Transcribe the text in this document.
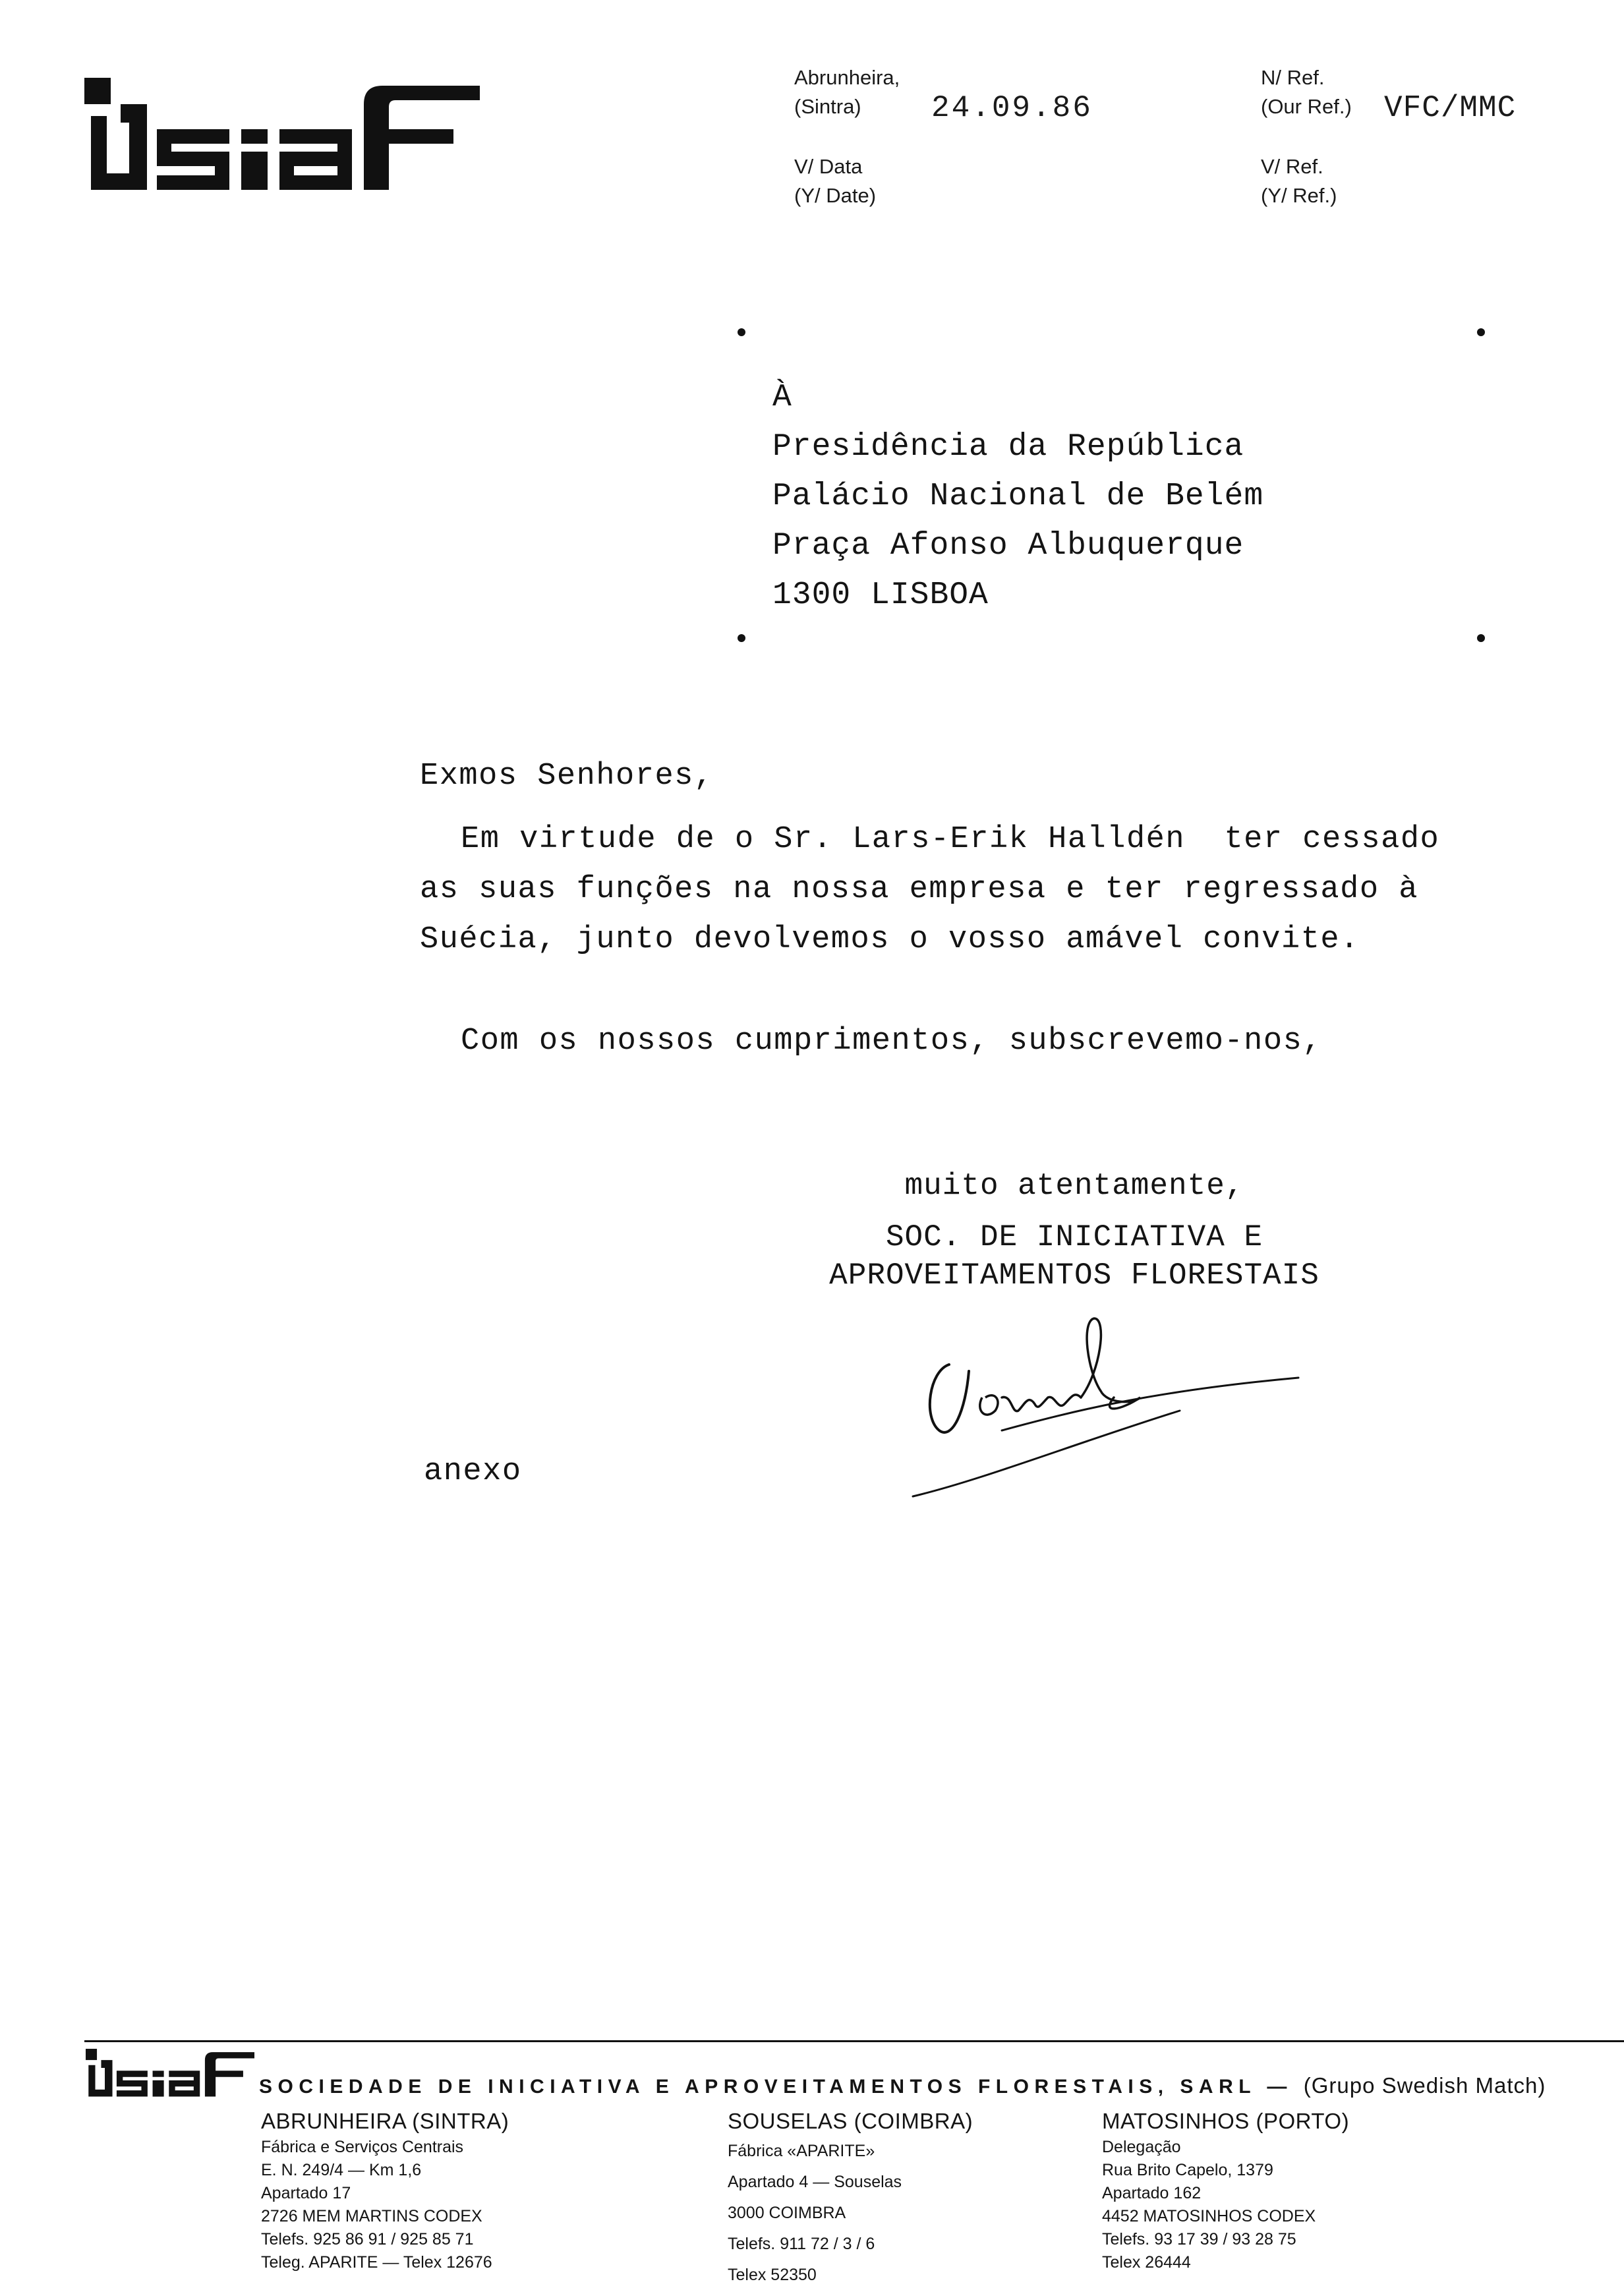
Abrunheira,
(Sintra)	24.09.86
V/ Data
(Y/ Date)
N/ Ref.
(Our Ref.) VFC/MMC
V/ Ref.
(Y/ Ref.)
À
Presidência da República
Palácio Nacional de Belém
Praça Afonso Albuquerque
1300 LISBOA
Exmos Senhores,
Em virtude de o Sr. Lars-Erik Halldén  ter cessado
as suas funções na nossa empresa e ter regressado à
Suécia, junto devolvemos o vosso amável convite.
Com os nossos cumprimentos, subscrevemo-nos,
muito atentamente,
SOC. DE INICIATIVA E
APROVEITAMENTOS FLORESTAIS
anexo
SOCIEDADE DE INICIATIVA E APROVEITAMENTOS FLORESTAIS, SARL — (Grupo Swedish Match)
ABRUNHEIRA (SINTRA)
Fábrica e Serviços Centrais
E. N. 249/4 — Km 1,6
Apartado 17
2726 MEM MARTINS CODEX
Telefs. 925 86 91 / 925 85 71
Teleg. APARITE — Telex 12676
SOUSELAS (COIMBRA)
Fábrica «APARITE»
Apartado 4 — Souselas
3000 COIMBRA
Telefs. 911 72 / 3 / 6
Telex 52350
MATOSINHOS (PORTO)
Delegação
Rua Brito Capelo, 1379
Apartado 162
4452 MATOSINHOS CODEX
Telefs. 93 17 39 / 93 28 75
Telex 26444
